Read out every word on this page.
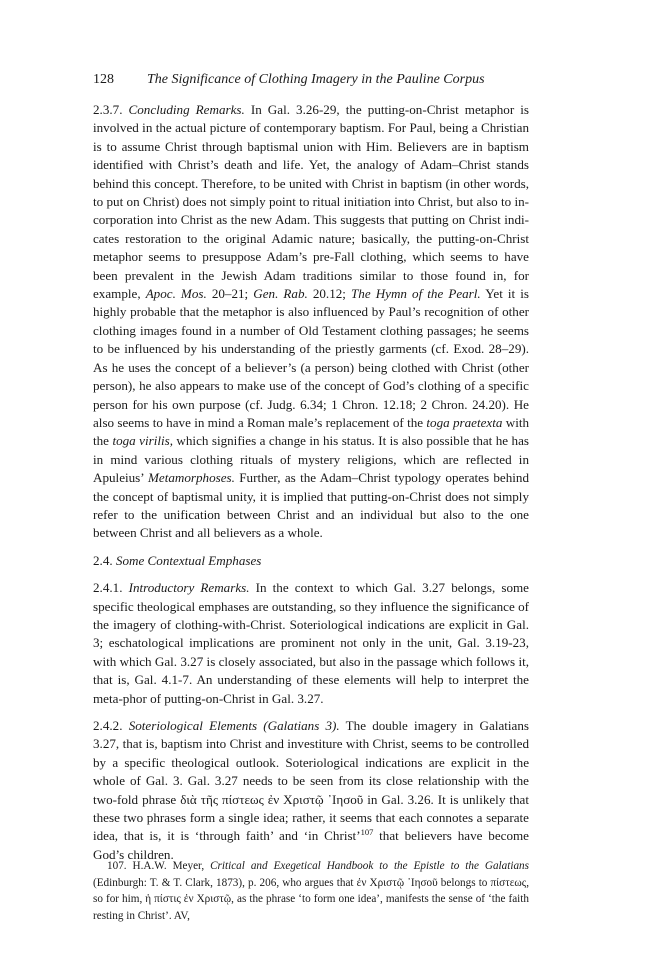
128 The Significance of Clothing Imagery in the Pauline Corpus

2.3.7. Concluding Remarks. In Gal. 3.26-29, the putting-on-Christ metaphor is involved in the actual picture of contemporary baptism. For Paul, being a Christian is to assume Christ through baptismal union with Him. Believers are in baptism identified with Christ’s death and life. Yet, the analogy of Adam–Christ stands behind this concept. Therefore, to be united with Christ in baptism (in other words, to put on Christ) does not simply point to ritual initiation into Christ, but also to in-corporation into Christ as the new Adam. This suggests that putting on Christ indi-cates restoration to the original Adamic nature; basically, the putting-on-Christ metaphor seems to presuppose Adam’s pre-Fall clothing, which seems to have been prevalent in the Jewish Adam traditions similar to those found in, for example, Apoc. Mos. 20–21; Gen. Rab. 20.12; The Hymn of the Pearl. Yet it is highly probable that the metaphor is also influenced by Paul’s recognition of other clothing images found in a number of Old Testament clothing passages; he seems to be influenced by his understanding of the priestly garments (cf. Exod. 28–29). As he uses the concept of a believer’s (a person) being clothed with Christ (other person), he also appears to make use of the concept of God’s clothing of a specific person for his own purpose (cf. Judg. 6.34; 1 Chron. 12.18; 2 Chron. 24.20). He also seems to have in mind a Roman male’s replacement of the toga praetexta with the toga virilis, which signifies a change in his status. It is also possible that he has in mind various clothing rituals of mystery religions, which are reflected in Apuleius’ Metamorphoses. Further, as the Adam–Christ typology operates behind the concept of baptismal unity, it is implied that putting-on-Christ does not simply refer to the unification between Christ and an individual but also to the one between Christ and all believers as a whole.

2.4. Some Contextual Emphases

2.4.1. Introductory Remarks. In the context to which Gal. 3.27 belongs, some specific theological emphases are outstanding, so they influence the significance of the imagery of clothing-with-Christ. Soteriological indications are explicit in Gal. 3; eschatological implications are prominent not only in the unit, Gal. 3.19-23, with which Gal. 3.27 is closely associated, but also in the passage which follows it, that is, Gal. 4.1-7. An understanding of these elements will help to interpret the meta-phor of putting-on-Christ in Gal. 3.27.

2.4.2. Soteriological Elements (Galatians 3). The double imagery in Galatians 3.27, that is, baptism into Christ and investiture with Christ, seems to be controlled by a specific theological outlook. Soteriological indications are explicit in the whole of Gal. 3. Gal. 3.27 needs to be seen from its close relationship with the two-fold phrase διὰ τῆς πίστεως ἐν Χριστῷ ᾿Ιησοῦ in Gal. 3.26. It is unlikely that these two phrases form a single idea; rather, it seems that each connotes a separate idea, that is, it is ‘through faith’ and ‘in Christ’$^{107}$ that believers have become God’s children.

107. H.A.W. Meyer, Critical and Exegetical Handbook to the Epistle to the Galatians (Edinburgh: T. & T. Clark, 1873), p. 206, who argues that ἐν Χριστῷ ᾿Ιησοῦ belongs to πίστεως, so for him, ἡ πίστις ἐν Χριστῷ, as the phrase ‘to form one idea’, manifests the sense of ‘the faith resting in Christ’. AV,
